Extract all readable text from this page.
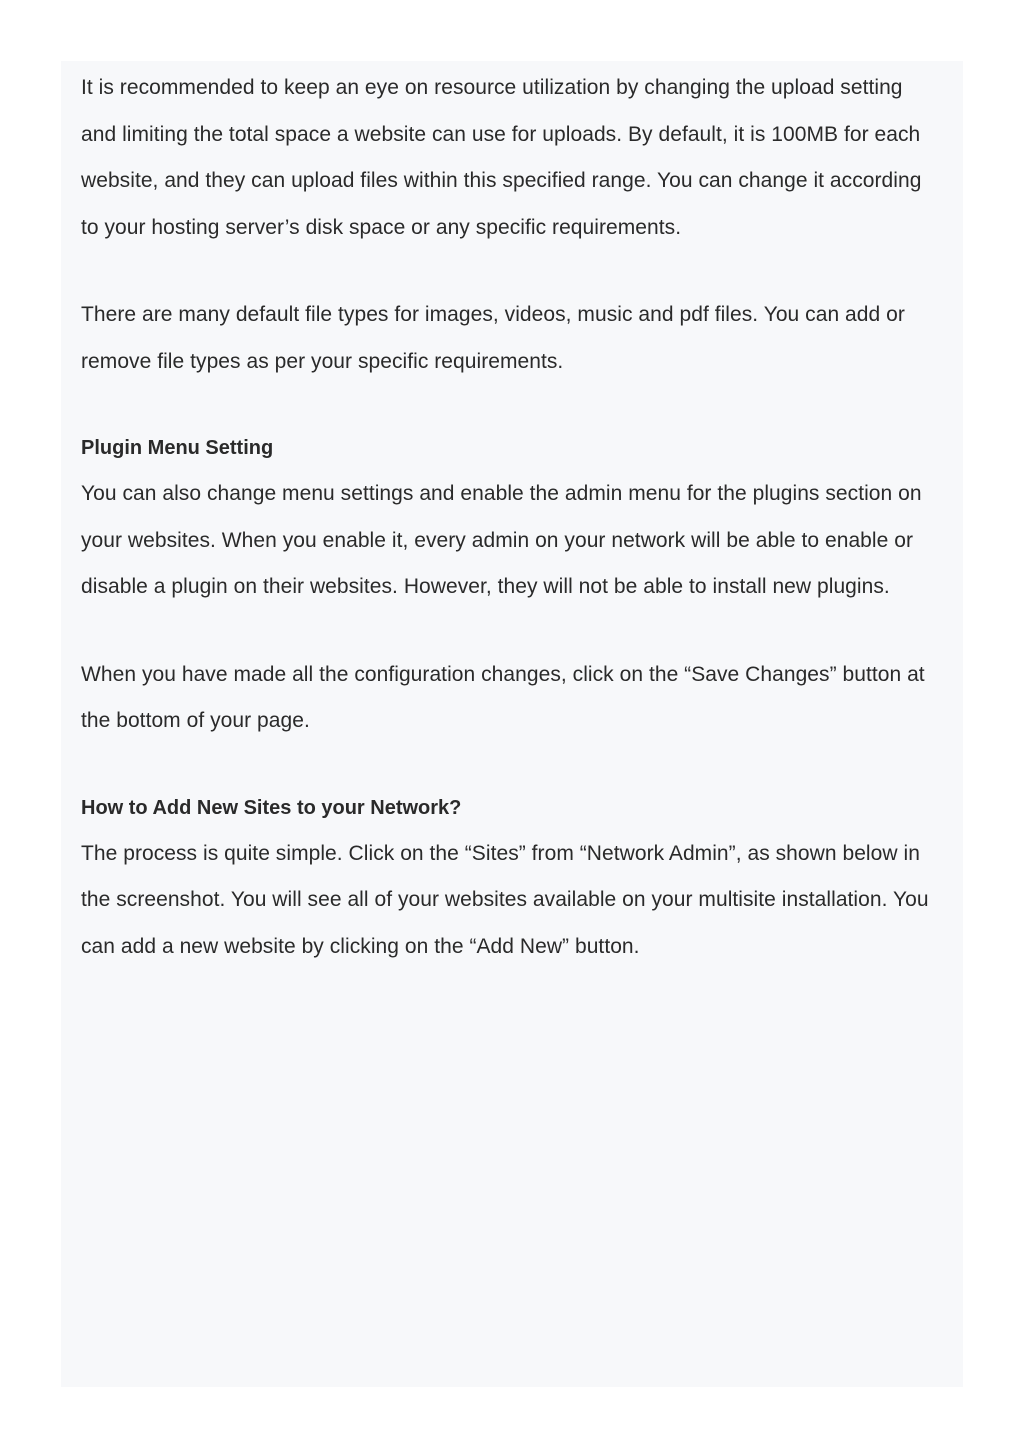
It is recommended to keep an eye on resource utilization by changing the upload setting and limiting the total space a website can use for uploads. By default, it is 100MB for each website, and they can upload files within this specified range. You can change it according to your hosting server’s disk space or any specific requirements.

There are many default file types for images, videos, music and pdf files. You can add or remove file types as per your specific requirements.

Plugin Menu Setting

You can also change menu settings and enable the admin menu for the plugins section on your websites. When you enable it, every admin on your network will be able to enable or disable a plugin on their websites. However, they will not be able to install new plugins.

When you have made all the configuration changes, click on the “Save Changes” button at the bottom of your page.

How to Add New Sites to your Network?

The process is quite simple. Click on the “Sites” from “Network Admin”, as shown below in the screenshot. You will see all of your websites available on your multisite installation. You can add a new website by clicking on the “Add New” button.
